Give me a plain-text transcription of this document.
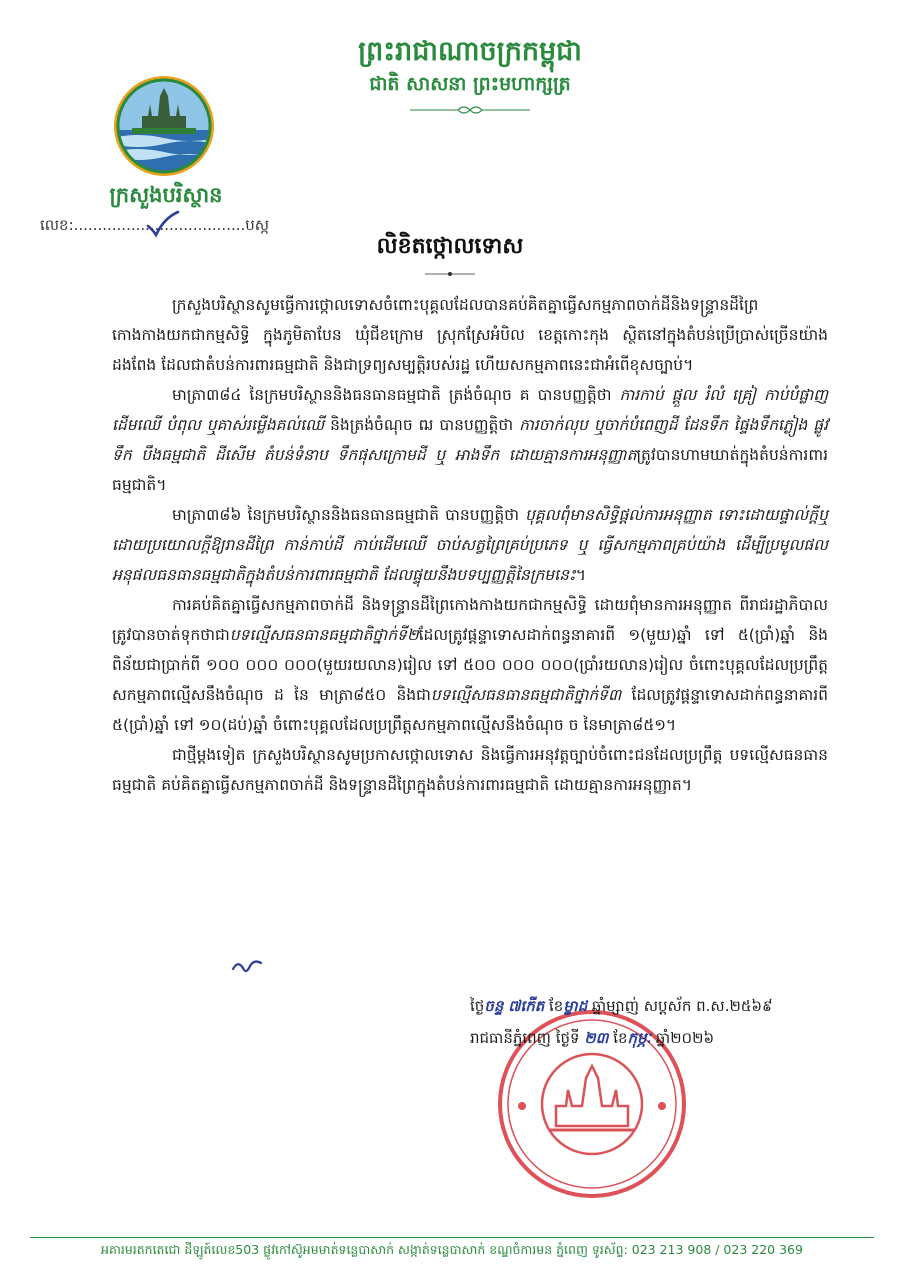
ព្រះរាជាណាចក្រកម្ពុជា
ជាតិ សាសនា ព្រះមហាក្សត្រ
ក្រសួងបរិស្ថាន
លេខ:....................................បស្ក
លិខិតថ្កោលទោស

ក្រសួងបរិស្ថានសូមធ្វើការថ្កោលទោសចំពោះបុគ្គលដែលបានគប់គិតគ្នាធ្វើសកម្មភាពចាក់ដីនិងទន្ទ្រានដីព្រៃកោងកាងយកជាកម្មសិទ្ធិ ក្នុងភូមិតាបែន ឃុំជីខក្រោម ស្រុកស្រែអំបិល ខេត្តកោះកុង ស្ថិតនៅក្នុងតំបន់ប្រើប្រាស់ច្រើនយ៉ាងដងពែង ដែលជាតំបន់ការពារធម្មជាតិ និងជាទ្រព្យសម្បត្តិរបស់រដ្ឋ ហើយសកម្មភាពនេះជាអំពើខុសច្បាប់។

មាត្រា៣៨៤ នៃក្រមបរិស្ថាននិងធនធានធម្មជាតិ ត្រង់ចំណុច គ បានបញ្ញត្តិថា ការកាប់ ផ្តួល រំលំ គ្រៀ កាប់បំផ្លាញដើមឈើ បំពុល ឬគាស់រម្លើងគល់ឈើ និងត្រង់ចំណុច ឍ បានបញ្ញត្តិថា ការចាក់លុប ឬចាក់បំពេញដី ដែនទឹក ផ្ទៃងទឹកភ្លៀង ផ្លូវទឹក បឹងធម្មជាតិ ដីសើម តំបន់ទំនាប ទឹកផុសក្រោមដី ឬ អាងទឹក ដោយគ្មានការអនុញ្ញាតត្រូវបានហាមឃាត់ក្នុងតំបន់ការពារធម្មជាតិ។

មាត្រា៣៨៦ នៃក្រមបរិស្ថាននិងធនធានធម្មជាតិ បានបញ្ញត្តិថា បុគ្គលពុំមានសិទ្ធិផ្តល់ការអនុញ្ញាត ទោះដោយផ្ទាល់ក្តីឬដោយប្រយោលក្តីឱ្យរានដីព្រៃ កាន់កាប់ដី កាប់ដើមឈើ ចាប់សត្វព្រៃគ្រប់ប្រភេទ ឬ ធ្វើសកម្មភាពគ្រប់យ៉ាង ដើម្បីប្រមូលផល អនុផលធនធានធម្មជាតិក្នុងតំបន់ការពារធម្មជាតិ ដែលផ្ទុយនឹងបទប្បញ្ញត្តិនៃក្រមនេះ។

ការគប់គិតគ្នាធ្វើសកម្មភាពចាក់ដី និងទន្ទ្រានដីព្រៃកោងកាងយកជាកម្មសិទ្ធិ ដោយពុំមានការអនុញ្ញាត ពីរាជរដ្ឋាភិបាលត្រូវបានចាត់ទុកថាជាបទល្មើសធនធានធម្មជាតិថ្នាក់ទី២ដែលត្រូវផ្តន្ទាទោសដាក់ពន្ធនាគារពី ១(មួយ)ឆ្នាំ ទៅ ៥(ប្រាំ)ឆ្នាំ និងពិន័យជាប្រាក់ពី ១០០ ០០០ ០០០(មួយរយលាន)រៀល ទៅ ៥០០ ០០០ ០០០(ប្រាំរយលាន)រៀល ចំពោះបុគ្គលដែលប្រព្រឹត្តសកម្មភាពល្មើសនឹងចំណុច ដ នៃ មាត្រា៨៥០ និងជាបទល្មើសធនធានធម្មជាតិថ្នាក់ទី៣ ដែលត្រូវផ្តន្ទាទោសដាក់ពន្ធនាគារពី ៥(ប្រាំ)ឆ្នាំ ទៅ ១០(ដប់)ឆ្នាំ ចំពោះបុគ្គលដែលប្រព្រឹត្តសកម្មភាពល្មើសនឹងចំណុច ច នៃមាត្រា៨៥១។

ជាថ្មីម្តងទៀត ក្រសួងបរិស្ថានសូមប្រកាសថ្កោលទោស និងធ្វើការអនុវត្តច្បាប់ចំពោះជនដែលប្រព្រឹត្ត បទល្មើសធនធានធម្មជាតិ គប់គិតគ្នាធ្វើសកម្មភាពចាក់ដី និងទន្ទ្រានដីព្រៃក្នុងតំបន់ការពារធម្មជាតិ ដោយគ្មានការអនុញ្ញាត។

ថ្ងៃចន្ទ ៧កើត ខែម្ខាដ ឆ្នាំម្សាញ់ សប្តស័ក ព.ស.២៥៦៩
រាជធានីភ្នំពេញ ថ្ងៃទី ២៣ ខែកុម្ភៈ ឆ្នាំ២០២៦
អគារមរតកតេជោ ដីឡូត៍លេខ503 ផ្លូវកៅស៊ូអមមាត់ទន្លេបាសាក់ សង្កាត់ទន្លេបាសាក់ ខណ្ឌចំការមន ភ្នំពេញ ទូរស័ព្ទ: 023 213 908 / 023 220 369
